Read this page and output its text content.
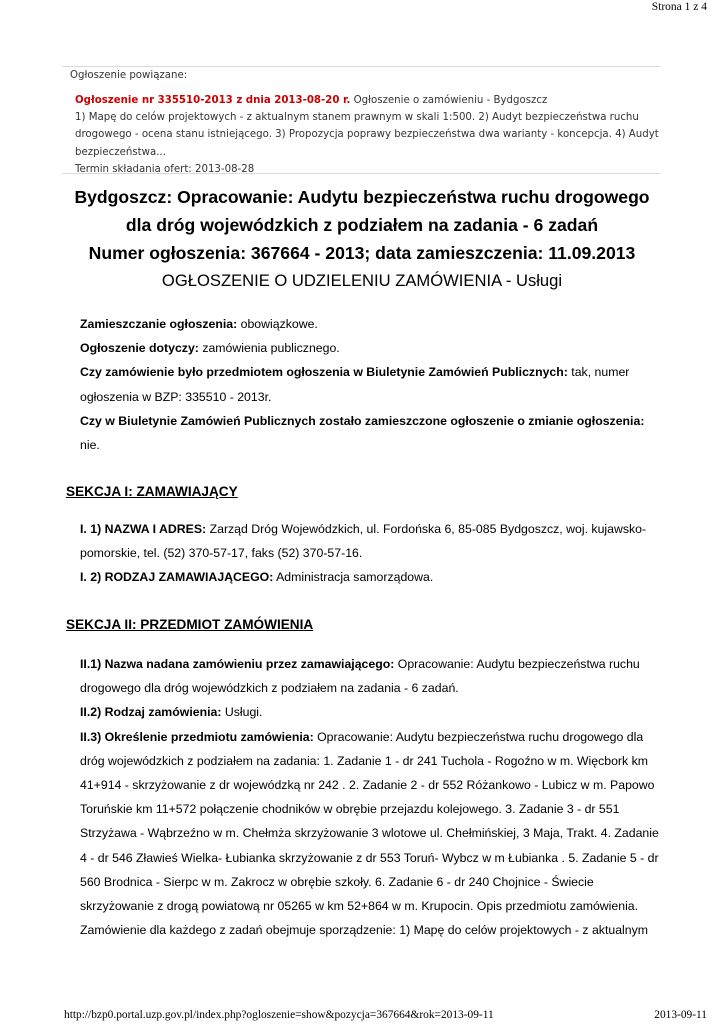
Strona 1 z 4
Ogłoszenie powiązane:
Ogłoszenie nr 335510-2013 z dnia 2013-08-20 r. Ogłoszenie o zamówieniu - Bydgoszcz
1) Mapę do celów projektowych - z aktualnym stanem prawnym w skali 1:500. 2) Audyt bezpieczeństwa ruchu
drogowego - ocena stanu istniejącego. 3) Propozycja poprawy bezpieczeństwa dwa warianty - koncepcja. 4) Audyt
bezpieczeństwa...
Termin składania ofert: 2013-08-28
Bydgoszcz: Opracowanie: Audytu bezpieczeństwa ruchu drogowego
dla dróg wojewódzkich z podziałem na zadania - 6 zadań
Numer ogłoszenia: 367664 - 2013; data zamieszczenia: 11.09.2013
OGŁOSZENIE O UDZIELENIU ZAMÓWIENIA - Usługi
Zamieszczanie ogłoszenia: obowiązkowe.
Ogłoszenie dotyczy: zamówienia publicznego.
Czy zamówienie było przedmiotem ogłoszenia w Biuletynie Zamówień Publicznych: tak, numer
ogłoszenia w BZP: 335510 - 2013r.
Czy w Biuletynie Zamówień Publicznych zostało zamieszczone ogłoszenie o zmianie ogłoszenia:
nie.
SEKCJA I: ZAMAWIAJĄCY
I. 1) NAZWA I ADRES: Zarząd Dróg Wojewódzkich, ul. Fordońska 6, 85-085 Bydgoszcz, woj. kujawsko-
pomorskie, tel. (52) 370-57-17, faks (52) 370-57-16.
I. 2) RODZAJ ZAMAWIAJĄCEGO: Administracja samorządowa.
SEKCJA II: PRZEDMIOT ZAMÓWIENIA
II.1) Nazwa nadana zamówieniu przez zamawiającego: Opracowanie: Audytu bezpieczeństwa ruchu
drogowego dla dróg wojewódzkich z podziałem na zadania - 6 zadań.
II.2) Rodzaj zamówienia: Usługi.
II.3) Określenie przedmiotu zamówienia: Opracowanie: Audytu bezpieczeństwa ruchu drogowego dla
dróg wojewódzkich z podziałem na zadania: 1. Zadanie 1 - dr 241 Tuchola - Rogoźno w m. Więcbork km
41+914 - skrzyżowanie z dr wojewódzką nr 242 . 2. Zadanie 2 - dr 552 Różankowo - Lubicz w m. Papowo
Toruńskie km 11+572 połączenie chodników w obrębie przejazdu kolejowego. 3. Zadanie 3 - dr 551
Strzyżawa - Wąbrzeźno w m. Chełmża skrzyżowanie 3 wlotowe ul. Chełmińskiej, 3 Maja, Trakt. 4. Zadanie
4 - dr 546 Zławieś Wielka- Łubianka skrzyżowanie z dr 553 Toruń- Wybcz w m Łubianka . 5. Zadanie 5 - dr
560 Brodnica - Sierpc w m. Zakrocz w obrębie szkoły. 6. Zadanie 6 - dr 240 Chojnice - Świecie
skrzyżowanie z drogą powiatową nr 05265 w km 52+864 w m. Krupocin. Opis przedmiotu zamówienia.
Zamówienie dla każdego z zadań obejmuje sporządzenie: 1) Mapę do celów projektowych - z aktualnym
http://bzp0.portal.uzp.gov.pl/index.php?ogloszenie=show&pozycja=367664&rok=2013-09-11	2013-09-11
